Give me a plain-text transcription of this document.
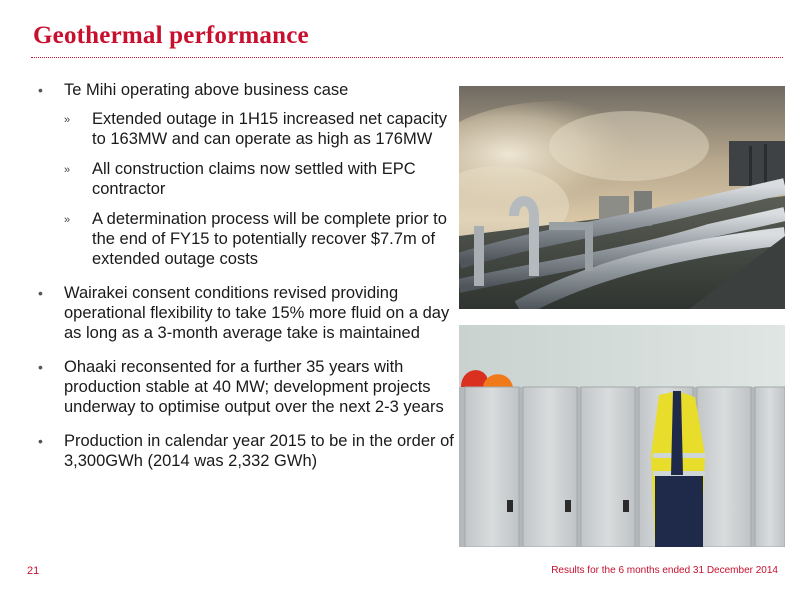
Geothermal performance
•	Te Mihi operating above business case
» Extended outage in 1H15 increased net capacity to 163MW and can operate as high as 176MW
» All construction claims now settled with EPC contractor
» A determination process will be complete prior to the end of FY15 to potentially recover $7.7m of extended outage costs
•	Wairakei consent conditions revised providing operational flexibility to take 15% more fluid on a day as long as a 3-month average take is maintained
•	Ohaaki reconsented for a further 35 years with production stable at 40 MW; development projects underway to optimise output over the next 2-3 years
•	Production in calendar year 2015 to be in the order of 3,300GWh (2014 was 2,332 GWh)
21	Results for the 6 months ended 31 December 2014
